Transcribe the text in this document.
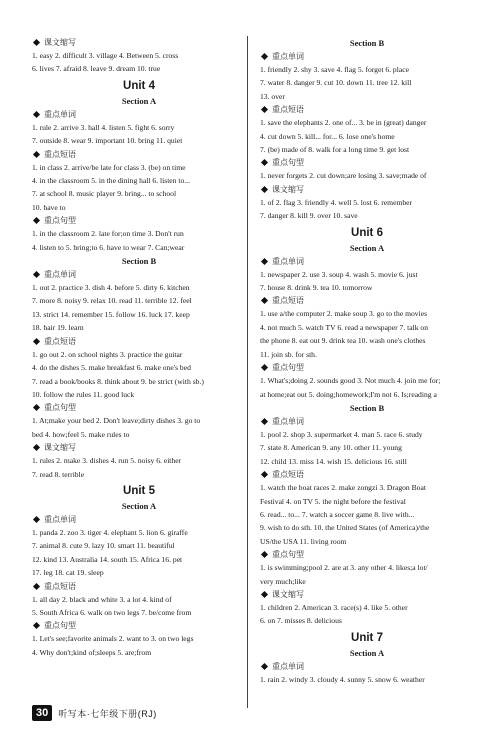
课文缩写
1. easy 2. difficult 3. village 4. Between 5. cross
6. lives 7. afraid 8. leave 9. dream 10. true
Unit 4
Section A
重点单词
1. rule 2. arrive 3. hall 4. listen 5. fight 6. sorry
7. outside 8. wear 9. important 10. bring 11. quiet
重点短语
1. in class 2. arrive/be late for class 3. (be) on time
4. in the classroom 5. in the dining hall 6. listen to...
7. at school 8. music player 9. bring... to school
10. have to
重点句型
1. in the classroom 2. late for;on time 3. Don't run
4. listen to 5. bring;to 6. have to wear 7. Can;wear
Section B
重点单词
1. out 2. practice 3. dish 4. before 5. dirty 6. kitchen
7. more 8. noisy 9. relax 10. read 11. terrible 12. feel
13. strict 14. remember 15. follow 16. luck 17. keep
18. hair 19. learn
重点短语
1. go out 2. on school nights 3. practice the guitar
4. do the dishes 5. make breakfast 6. make one's bed
7. read a book/books 8. think about 9. be strict (with sb.)
10. follow the rules 11. good luck
重点句型
1. At;make your bed 2. Don't leave;dirty dishes 3. go to
bed 4. how;feel 5. make rules to
课文缩写
1. rules 2. make 3. dishes 4. run 5. noisy 6. either
7. read 8. terrible
Unit 5
Section A
重点单词
1. panda 2. zoo 3. tiger 4. elephant 5. lion 6. giraffe
7. animal 8. cute 9. lazy 10. smart 11. beautiful
12. kind 13. Australia 14. south 15. Africa 16. pet
17. leg 18. cat 19. sleep
重点短语
1. all day 2. black and white 3. a lot 4. kind of
5. South Africa 6. walk on two legs 7. be/come from
重点句型
1. Let's see;favorite animals 2. want to 3. on two legs
4. Why don't;kind of;sleeps 5. are;from
Section B
重点单词
1. friendly 2. shy 3. save 4. flag 5. forget 6. place
7. water 8. danger 9. cut 10. down 11. tree 12. kill
13. over
重点短语
1. save the elephants 2. one of... 3. be in (great) danger
4. cut down 5. kill... for... 6. lose one's home
7. (be) made of 8. walk for a long time 9. get lost
重点句型
1. never forgets 2. cut down;are losing 3. save;made of
课文缩写
1. of 2. flag 3. friendly 4. well 5. lost 6. remember
7. danger 8. kill 9. over 10. save
Unit 6
Section A
重点单词
1. newspaper 2. use 3. soup 4. wash 5. movie 6. just
7. house 8. drink 9. tea 10. tomorrow
重点短语
1. use a/the computer 2. make soup 3. go to the movies
4. not much 5. watch TV 6. read a newspaper 7. talk on
the phone 8. eat out 9. drink tea 10. wash one's clothes
11. join sb. for sth.
重点句型
1. What's;doing 2. sounds good 3. Not much 4. join me for;
at home;eat out 5. doing;homework;I'm not 6. Is;reading a
Section B
重点单词
1. pool 2. shop 3. supermarket 4. man 5. race 6. study
7. state 8. American 9. any 10. other 11. young
12. child 13. miss 14. wish 15. delicious 16. still
重点短语
1. watch the boat races 2. make zongzi 3. Dragon Boat
Festival 4. on TV 5. the night before the festival
6. read... to... 7. watch a soccer game 8. live with...
9. wish to do sth. 10. the United States (of America)/the
US/the USA 11. living room
重点句型
1. is swimming;pool 2. are at 3. any other 4. likes;a lot/
very much;like
课文缩写
1. children 2. American 3. race(s) 4. like 5. other
6. on 7. misses 8. delicious
Unit 7
Section A
重点单词
1. rain 2. windy 3. cloudy 4. sunny 5. snow 6. weather
30	听写本·七年级下册(RJ)
